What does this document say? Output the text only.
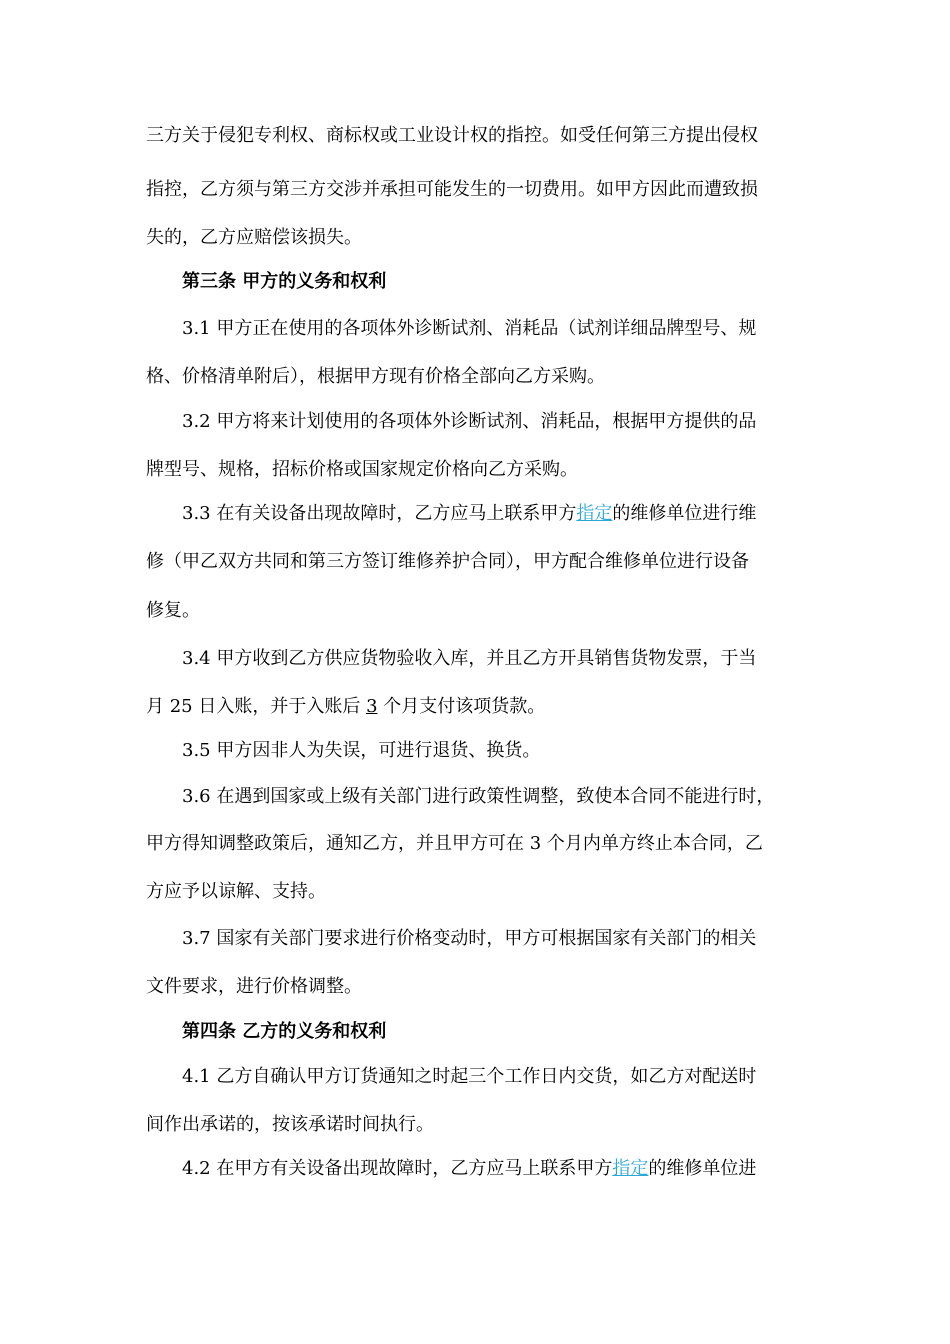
三方关于侵犯专利权、商标权或工业设计权的指控。如受任何第三方提出侵权
指控，乙方须与第三方交涉并承担可能发生的一切费用。如甲方因此而遭致损
失的，乙方应赔偿该损失。
第三条 甲方的义务和权利
3.1 甲方正在使用的各项体外诊断试剂、消耗品（试剂详细品牌型号、规
格、价格清单附后），根据甲方现有价格全部向乙方采购。
3.2 甲方将来计划使用的各项体外诊断试剂、消耗品，根据甲方提供的品
牌型号、规格，招标价格或国家规定价格向乙方采购。
3.3 在有关设备出现故障时，乙方应马上联系甲方指定的维修单位进行维
修（甲乙双方共同和第三方签订维修养护合同），甲方配合维修单位进行设备
修复。
3.4 甲方收到乙方供应货物验收入库，并且乙方开具销售货物发票，于当
月 25 日入账，并于入账后 3 个月支付该项货款。
3.5 甲方因非人为失误，可进行退货、换货。
3.6 在遇到国家或上级有关部门进行政策性调整，致使本合同不能进行时，
甲方得知调整政策后，通知乙方，并且甲方可在 3 个月内单方终止本合同，乙
方应予以谅解、支持。
3.7 国家有关部门要求进行价格变动时，甲方可根据国家有关部门的相关
文件要求，进行价格调整。
第四条 乙方的义务和权利
4.1 乙方自确认甲方订货通知之时起三个工作日内交货，如乙方对配送时
间作出承诺的，按该承诺时间执行。
4.2 在甲方有关设备出现故障时，乙方应马上联系甲方指定的维修单位进
